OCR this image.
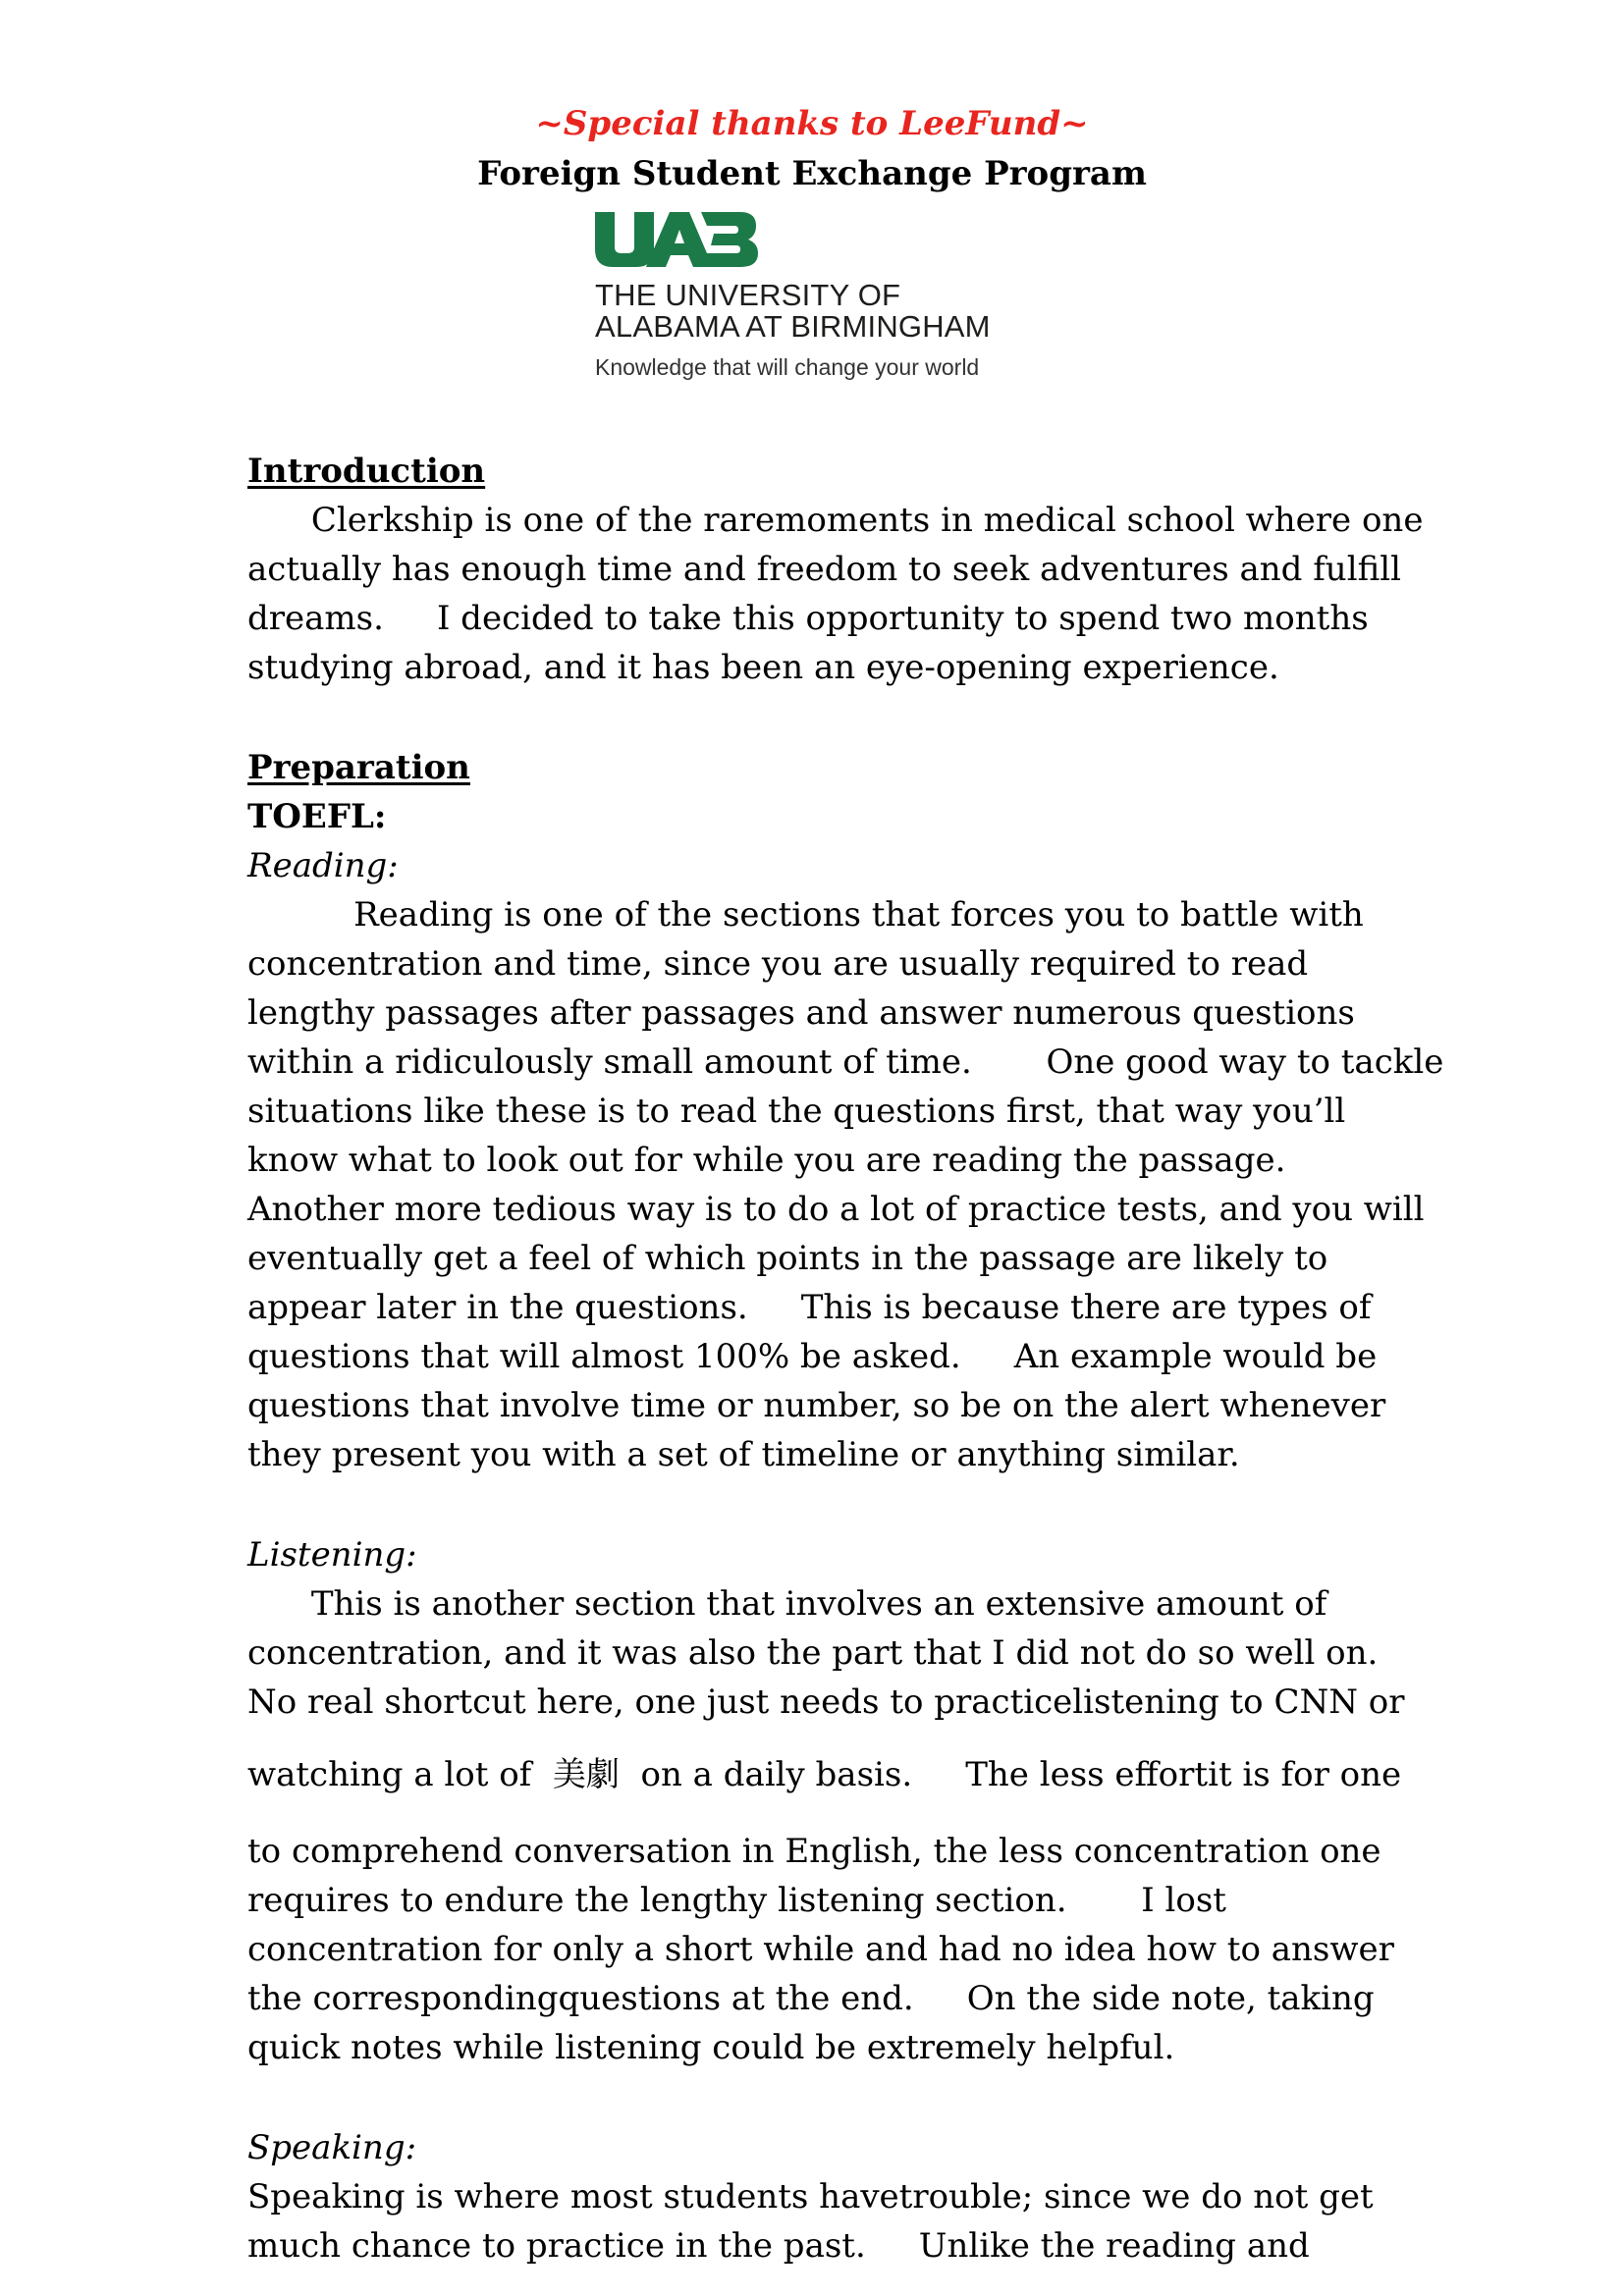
~Special thanks to LeeFund~

Foreign Student Exchange Program

THE UNIVERSITY OF

ALABAMA AT BIRMINGHAM

Knowledge that will change your world

Introduction

Clerkship is one of the raremoments in medical school where one

actually has enough time and freedom to seek adventures and fulfill

dreams.     I decided to take this opportunity to spend two months

studying abroad, and it has been an eye-opening experience.

Preparation

TOEFL:

Reading:

Reading is one of the sections that forces you to battle with

concentration and time, since you are usually required to read

lengthy passages after passages and answer numerous questions

within a ridiculously small amount of time.       One good way to tackle

situations like these is to read the questions first, that way you’ll

know what to look out for while you are reading the passage.

Another more tedious way is to do a lot of practice tests, and you will

eventually get a feel of which points in the passage are likely to

appear later in the questions.     This is because there are types of

questions that will almost 100% be asked.     An example would be

questions that involve time or number, so be on the alert whenever

they present you with a set of timeline or anything similar.

Listening:

This is another section that involves an extensive amount of

concentration, and it was also the part that I did not do so well on.

No real shortcut here, one just needs to practicelistening to CNN or

watching a lot of  美劇  on a daily basis.     The less effortit is for one

to comprehend conversation in English, the less concentration one

requires to endure the lengthy listening section.       I lost

concentration for only a short while and had no idea how to answer

the correspondingquestions at the end.     On the side note, taking

quick notes while listening could be extremely helpful.

Speaking:

Speaking is where most students havetrouble; since we do not get

much chance to practice in the past.     Unlike the reading and
